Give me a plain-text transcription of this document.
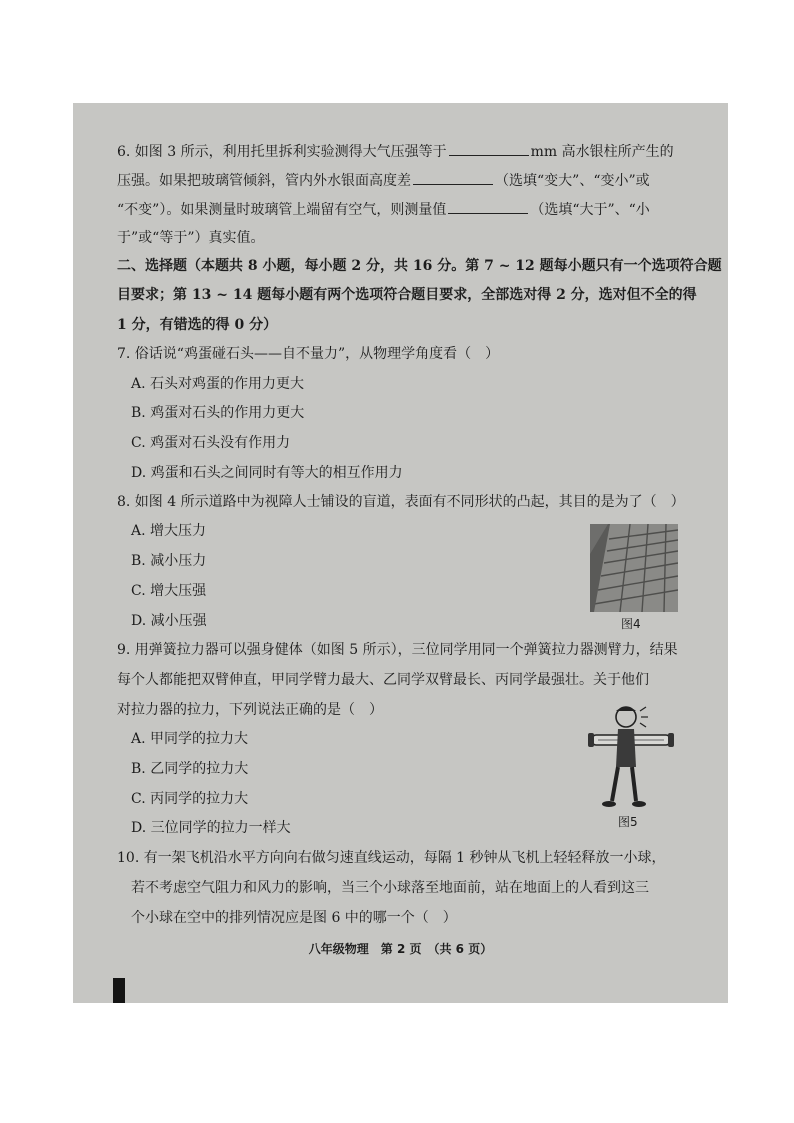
6. 如图 3 所示，利用托里拆利实验测得大气压强等于	mm 高水银柱所产生的
压强。如果把玻璃管倾斜，管内外水银面高度差	（选填“变大”、“变小”或
“不变”）。如果测量时玻璃管上端留有空气，则测量值	（选填“大于”、“小
于”或“等于”）真实值。
二、选择题（本题共 8 小题，每小题 2 分，共 16 分。第 7 ~ 12 题每小题只有一个选项符合题
目要求；第 13 ~ 14 题每小题有两个选项符合题目要求，全部选对得 2 分，选对但不全的得
1 分，有错选的得 0 分）
7. 俗话说“鸡蛋碰石头——自不量力”，从物理学角度看（　）
A. 石头对鸡蛋的作用力更大
B. 鸡蛋对石头的作用力更大
C. 鸡蛋对石头没有作用力
D. 鸡蛋和石头之间同时有等大的相互作用力
8. 如图 4 所示道路中为视障人士铺设的盲道，表面有不同形状的凸起，其目的是为了（　）
A. 增大压力
B. 减小压力
C. 增大压强
D. 减小压强	图4
9. 用弹簧拉力器可以强身健体（如图 5 所示），三位同学用同一个弹簧拉力器测臂力，结果
每个人都能把双臂伸直，甲同学臂力最大、乙同学双臂最长、丙同学最强壮。关于他们
对拉力器的拉力，下列说法正确的是（　）
A. 甲同学的拉力大
B. 乙同学的拉力大
C. 丙同学的拉力大
D. 三位同学的拉力一样大	图5
10. 有一架飞机沿水平方向向右做匀速直线运动，每隔 1 秒钟从飞机上轻轻释放一小球，
若不考虑空气阻力和风力的影响，当三个小球落至地面前，站在地面上的人看到这三
个小球在空中的排列情况应是图 6 中的哪一个（　）
八年级物理　第 2 页　（共 6 页）
